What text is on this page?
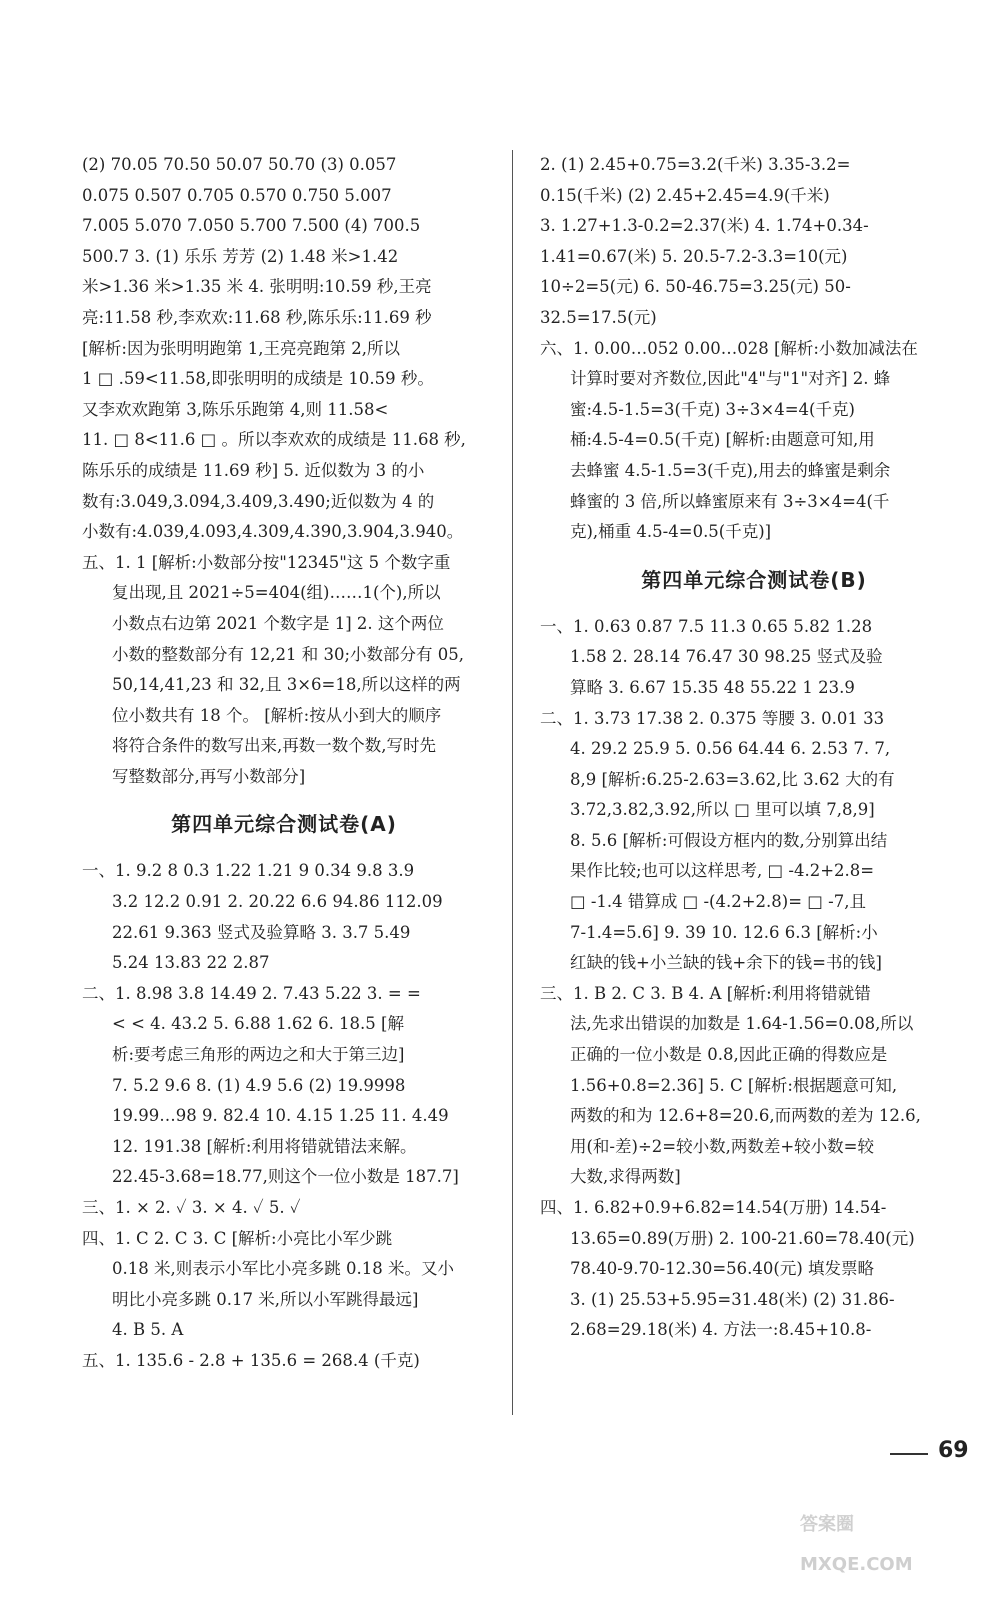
(2) 70.05 70.50 50.07 50.70 (3) 0.057
0.075 0.507 0.705 0.570 0.750 5.007
7.005 5.070 7.050 5.700 7.500 (4) 700.5
500.7 3. (1) 乐乐 芳芳 (2) 1.48 米>1.42
米>1.36 米>1.35 米 4. 张明明:10.59 秒,王亮
亮:11.58 秒,李欢欢:11.68 秒,陈乐乐:11.69 秒
[解析:因为张明明跑第 1,王亮亮跑第 2,所以
1 □ .59<11.58,即张明明的成绩是 10.59 秒。
又李欢欢跑第 3,陈乐乐跑第 4,则 11.58<
11. □ 8<11.6 □ 。所以李欢欢的成绩是 11.68 秒,
陈乐乐的成绩是 11.69 秒] 5. 近似数为 3 的小
数有:3.049,3.094,3.409,3.490;近似数为 4 的
小数有:4.039,4.093,4.309,4.390,3.904,3.940。
五、1. 1 [解析:小数部分按"12345"这 5 个数字重
复出现,且 2021÷5=404(组)……1(个),所以
小数点右边第 2021 个数字是 1] 2. 这个两位
小数的整数部分有 12,21 和 30;小数部分有 05,
50,14,41,23 和 32,且 3×6=18,所以这样的两
位小数共有 18 个。 [解析:按从小到大的顺序
将符合条件的数写出来,再数一数个数,写时先
写整数部分,再写小数部分]
第四单元综合测试卷(A)
一、1. 9.2 8 0.3 1.22 1.21 9 0.34 9.8 3.9
3.2 12.2 0.91 2. 20.22 6.6 94.86 112.09
22.61 9.363 竖式及验算略 3. 3.7 5.49
5.24 13.83 22 2.87
二、1. 8.98 3.8 14.49 2. 7.43 5.22 3. = =
< < 4. 43.2 5. 6.88 1.62 6. 18.5 [解
析:要考虑三角形的两边之和大于第三边]
7. 5.2 9.6 8. (1) 4.9 5.6 (2) 19.9998
19.99…98 9. 82.4 10. 4.15 1.25 11. 4.49
12. 191.38 [解析:利用将错就错法来解。
22.45-3.68=18.77,则这个一位小数是 187.7]
三、1. × 2. ✓ 3. × 4. ✓ 5. ✓
四、1. C 2. C 3. C [解析:小亮比小军少跳
0.18 米,则表示小军比小亮多跳 0.18 米。又小
明比小亮多跳 0.17 米,所以小军跳得最远]
4. B 5. A
五、1. 135.6 - 2.8 + 135.6 = 268.4 (千克)
2. (1) 2.45+0.75=3.2(千米) 3.35-3.2=
0.15(千米) (2) 2.45+2.45=4.9(千米)
3. 1.27+1.3-0.2=2.37(米) 4. 1.74+0.34-
1.41=0.67(米) 5. 20.5-7.2-3.3=10(元)
10÷2=5(元) 6. 50-46.75=3.25(元) 50-
32.5=17.5(元)
六、1. 0.00…052 0.00…028 [解析:小数加减法在
计算时要对齐数位,因此"4"与"1"对齐] 2. 蜂
蜜:4.5-1.5=3(千克) 3÷3×4=4(千克)
桶:4.5-4=0.5(千克) [解析:由题意可知,用
去蜂蜜 4.5-1.5=3(千克),用去的蜂蜜是剩余
蜂蜜的 3 倍,所以蜂蜜原来有 3÷3×4=4(千
克),桶重 4.5-4=0.5(千克)]
第四单元综合测试卷(B)
一、1. 0.63 0.87 7.5 11.3 0.65 5.82 1.28
1.58 2. 28.14 76.47 30 98.25 竖式及验
算略 3. 6.67 15.35 48 55.22 1 23.9
二、1. 3.73 17.38 2. 0.375 等腰 3. 0.01 33
4. 29.2 25.9 5. 0.56 64.44 6. 2.53 7. 7,
8,9 [解析:6.25-2.63=3.62,比 3.62 大的有
3.72,3.82,3.92,所以 □ 里可以填 7,8,9]
8. 5.6 [解析:可假设方框内的数,分别算出结
果作比较;也可以这样思考, □ -4.2+2.8=
□ -1.4 错算成 □ -(4.2+2.8)= □ -7,且
7-1.4=5.6] 9. 39 10. 12.6 6.3 [解析:小
红缺的钱+小兰缺的钱+余下的钱=书的钱]
三、1. B 2. C 3. B 4. A [解析:利用将错就错
法,先求出错误的加数是 1.64-1.56=0.08,所以
正确的一位小数是 0.8,因此正确的得数应是
1.56+0.8=2.36] 5. C [解析:根据题意可知,
两数的和为 12.6+8=20.6,而两数的差为 12.6,
用(和-差)÷2=较小数,两数差+较小数=较
大数,求得两数]
四、1. 6.82+0.9+6.82=14.54(万册) 14.54-
13.65=0.89(万册) 2. 100-21.60=78.40(元)
78.40-9.70-12.30=56.40(元) 填发票略
3. (1) 25.53+5.95=31.48(米) (2) 31.86-
2.68=29.18(米) 4. 方法一:8.45+10.8-
69
答案圈
MXQE.COM
